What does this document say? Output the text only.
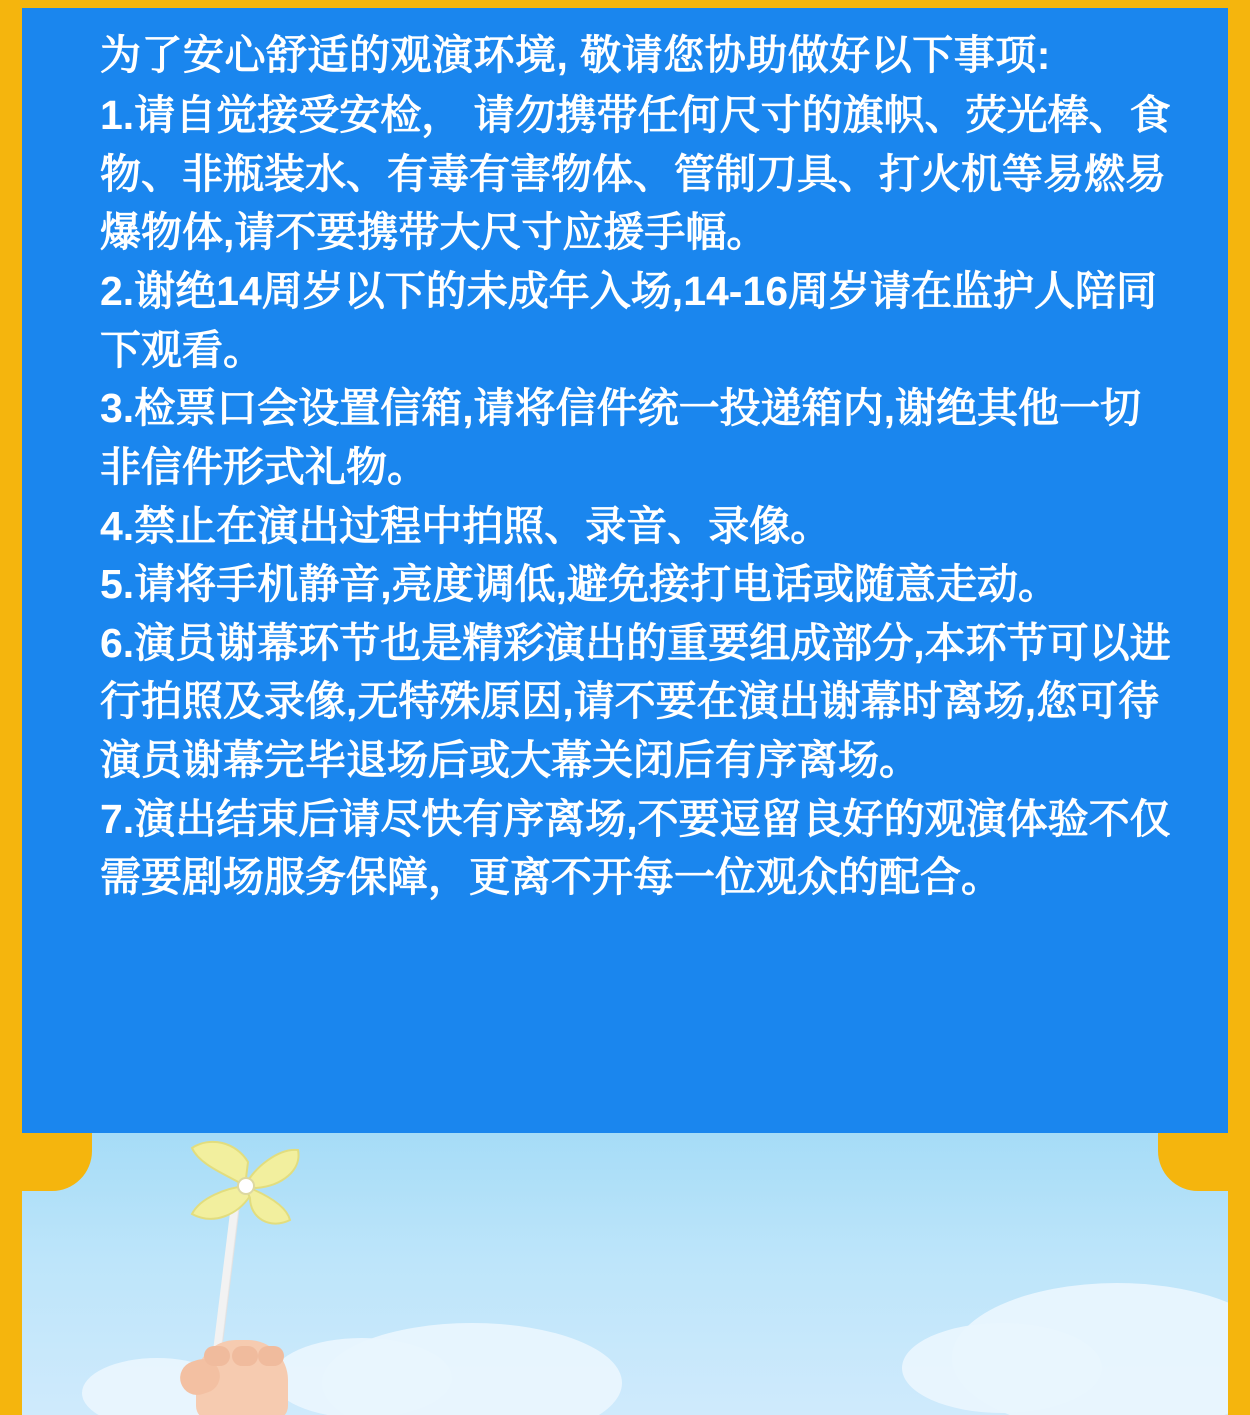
为了安心舒适的观演环境, 敬请您协助做好以下事项:

1.请自觉接受安检， 请勿携带任何尺寸的旗帜、荧光棒、食物、非瓶装水、有毒有害物体、管制刀具、打火机等易燃易爆物体,请不要携带大尺寸应援手幅。
2.谢绝14周岁以下的未成年入场,14-16周岁请在监护人陪同下观看。
3.检票口会设置信箱,请将信件统一投递箱内,谢绝其他一切非信件形式礼物。
4.禁止在演出过程中拍照、录音、录像。
5.请将手机静音,亮度调低,避免接打电话或随意走动。
6.演员谢幕环节也是精彩演出的重要组成部分,本环节可以进行拍照及录像,无特殊原因,请不要在演出谢幕时离场,您可待演员谢幕完毕退场后或大幕关闭后有序离场。
7.演出结束后请尽快有序离场,不要逗留良好的观演体验不仅需要剧场服务保障，更离不开每一位观众的配合。
